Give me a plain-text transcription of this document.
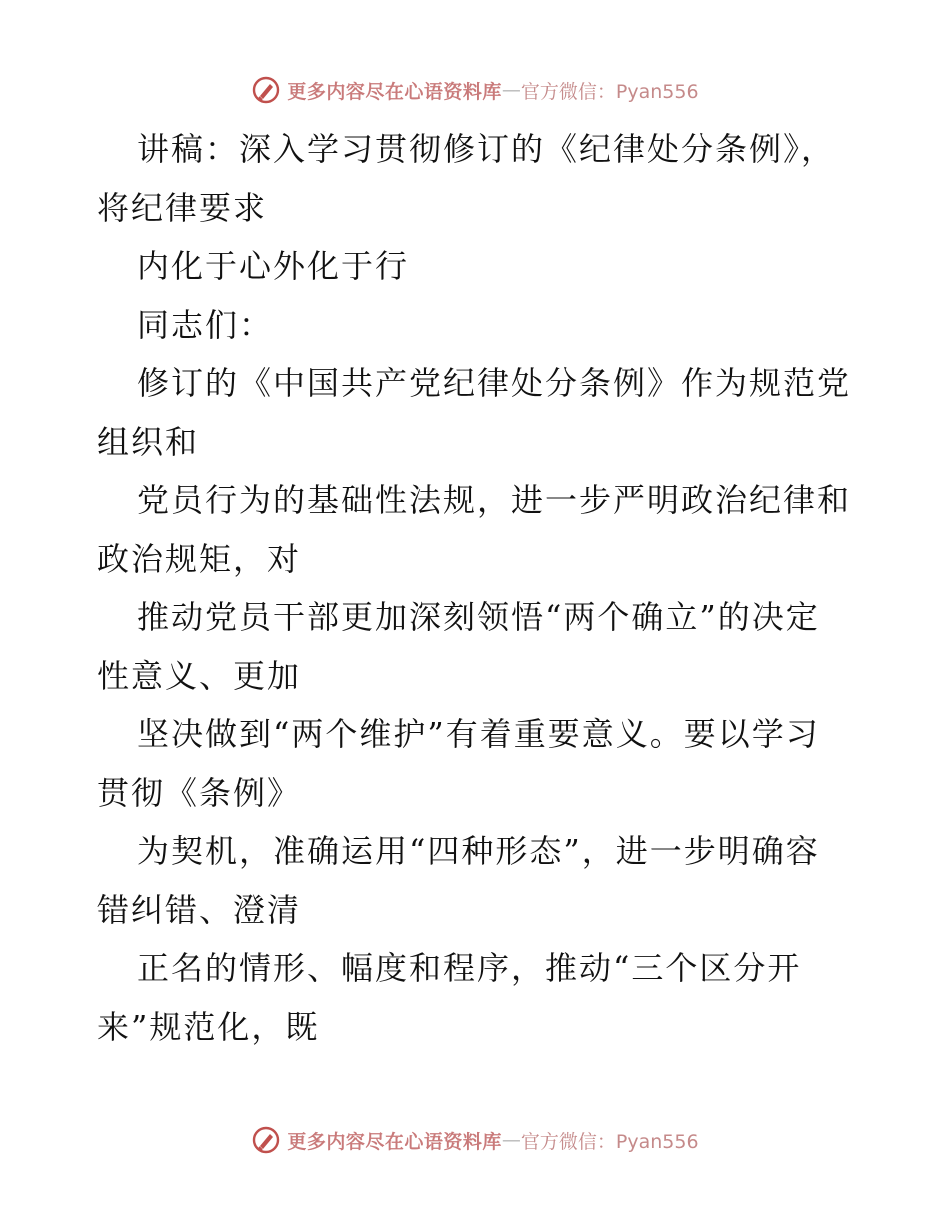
更多内容尽在心语资料库 — 官方微信：Pyan556
讲稿：深入学习贯彻修订的《纪律处分条例》，
将纪律要求
内化于心外化于行
同志们：
修订的《中国共产党纪律处分条例》作为规范党
组织和
党员行为的基础性法规，进一步严明政治纪律和
政治规矩，对
推动党员干部更加深刻领悟“两个确立”的决定
性意义、更加
坚决做到“两个维护”有着重要意义。要以学习
贯彻《条例》
为契机，准确运用“四种形态”，进一步明确容
错纠错、澄清
正名的情形、幅度和程序，推动“三个区分开
来”规范化，既
更多内容尽在心语资料库 — 官方微信：Pyan556
